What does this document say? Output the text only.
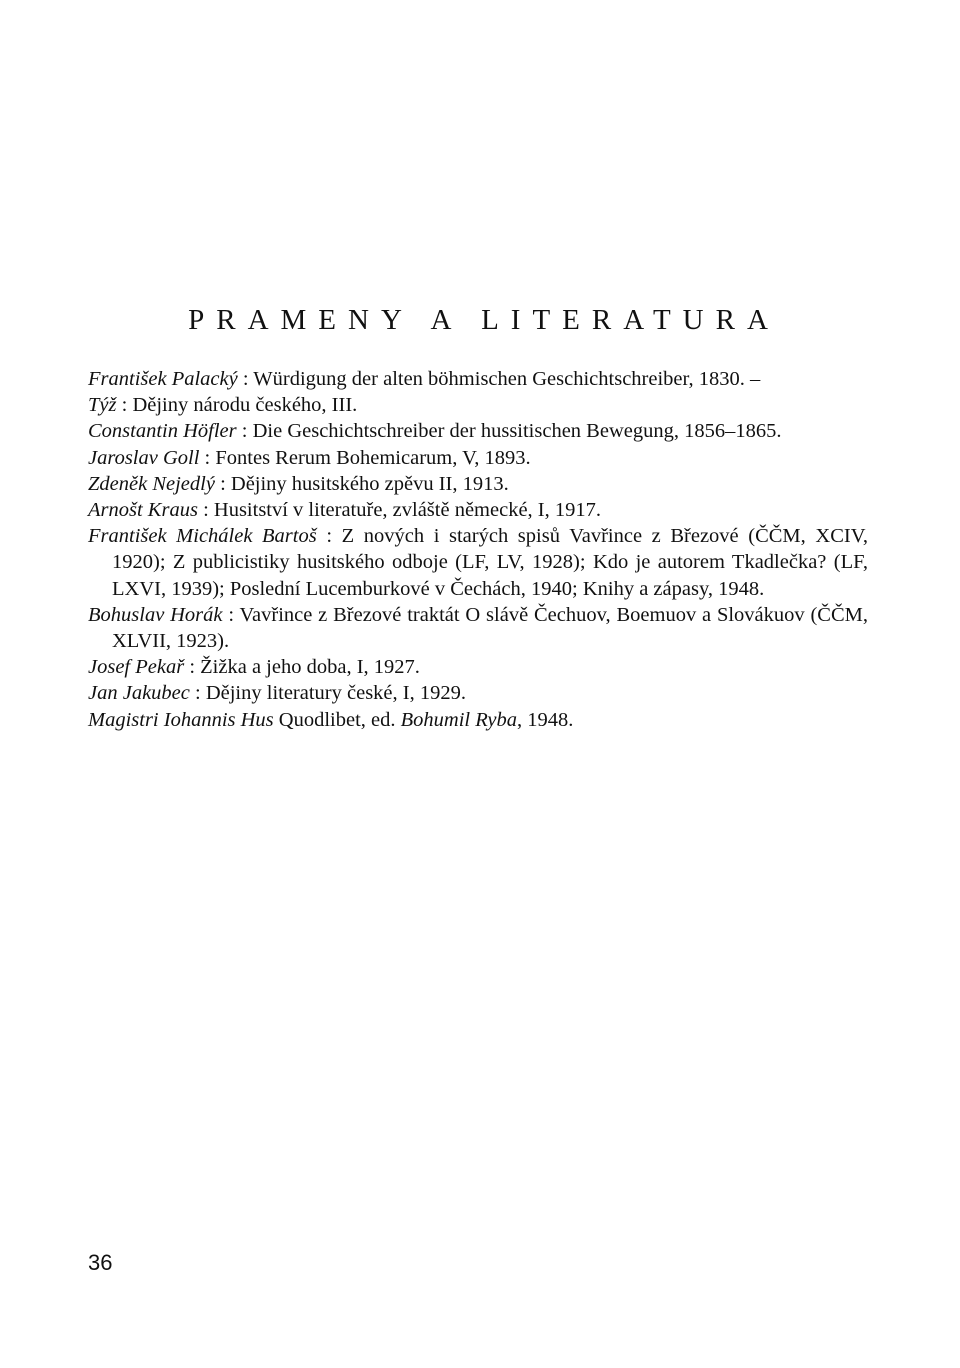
PRAMENY A LITERATURA
František Palacký : Würdigung der alten böhmischen Geschichtschreiber, 1830. –
Týž : Dějiny národu českého, III.
Constantin Höfler : Die Geschichtschreiber der hussitischen Bewegung, 1856–1865.
Jaroslav Goll : Fontes Rerum Bohemicarum, V, 1893.
Zdeněk Nejedlý : Dějiny husitského zpěvu II, 1913.
Arnošt Kraus : Husitství v literatuře, zvláště německé, I, 1917.
František Michálek Bartoš : Z nových i starých spisů Vavřince z Březové (ČČM, XCIV, 1920); Z publicistiky husitského odboje (LF, LV, 1928); Kdo je autorem Tkadlečka? (LF, LXVI, 1939); Poslední Lucemburkové v Čechách, 1940; Knihy a zápasy, 1948.
Bohuslav Horák : Vavřince z Březové traktát O slávě Čechuov, Boemuov a Slovákuov (ČČM, XLVII, 1923).
Josef Pekař : Žižka a jeho doba, I, 1927.
Jan Jakubec : Dějiny literatury české, I, 1929.
Magistri Iohannis Hus Quodlibet, ed. Bohumil Ryba, 1948.
36
